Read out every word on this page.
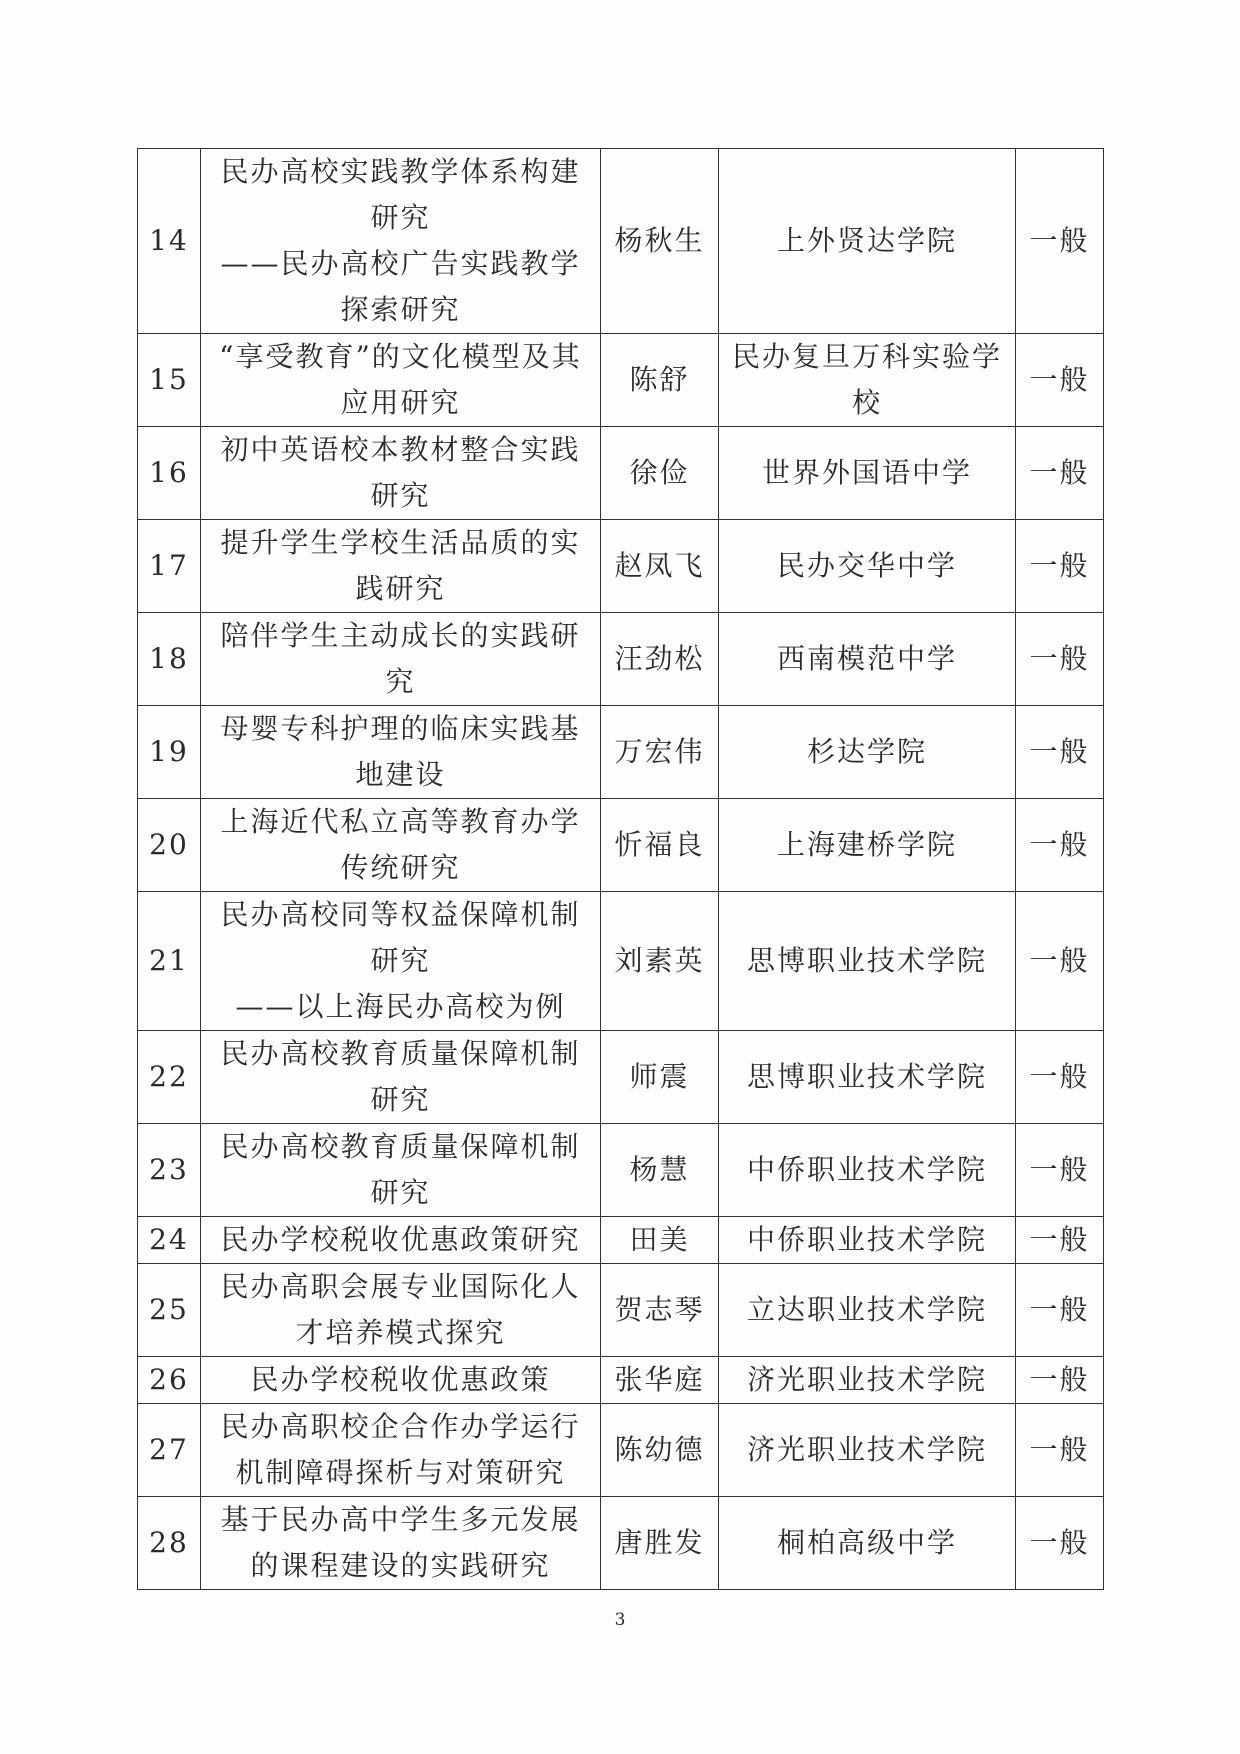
14	民办高校实践教学体系构建
研究
——民办高校广告实践教学
探索研究	杨秋生	上外贤达学院	一般
15	“享受教育”的文化模型及其
应用研究	陈舒	民办复旦万科实验学
校	一般
16	初中英语校本教材整合实践
研究	徐俭	世界外国语中学	一般
17	提升学生学校生活品质的实
践研究	赵凤飞	民办交华中学	一般
18	陪伴学生主动成长的实践研
究	汪劲松	西南模范中学	一般
19	母婴专科护理的临床实践基
地建设	万宏伟	杉达学院	一般
20	上海近代私立高等教育办学
传统研究	忻福良	上海建桥学院	一般
21	民办高校同等权益保障机制
研究
——以上海民办高校为例	刘素英	思博职业技术学院	一般
22	民办高校教育质量保障机制
研究	师震	思博职业技术学院	一般
23	民办高校教育质量保障机制
研究	杨慧	中侨职业技术学院	一般
24	民办学校税收优惠政策研究	田美	中侨职业技术学院	一般
25	民办高职会展专业国际化人
才培养模式探究	贺志琴	立达职业技术学院	一般
26	民办学校税收优惠政策	张华庭	济光职业技术学院	一般
27	民办高职校企合作办学运行
机制障碍探析与对策研究	陈幼德	济光职业技术学院	一般
28	基于民办高中学生多元发展
的课程建设的实践研究	唐胜发	桐柏高级中学	一般
3
